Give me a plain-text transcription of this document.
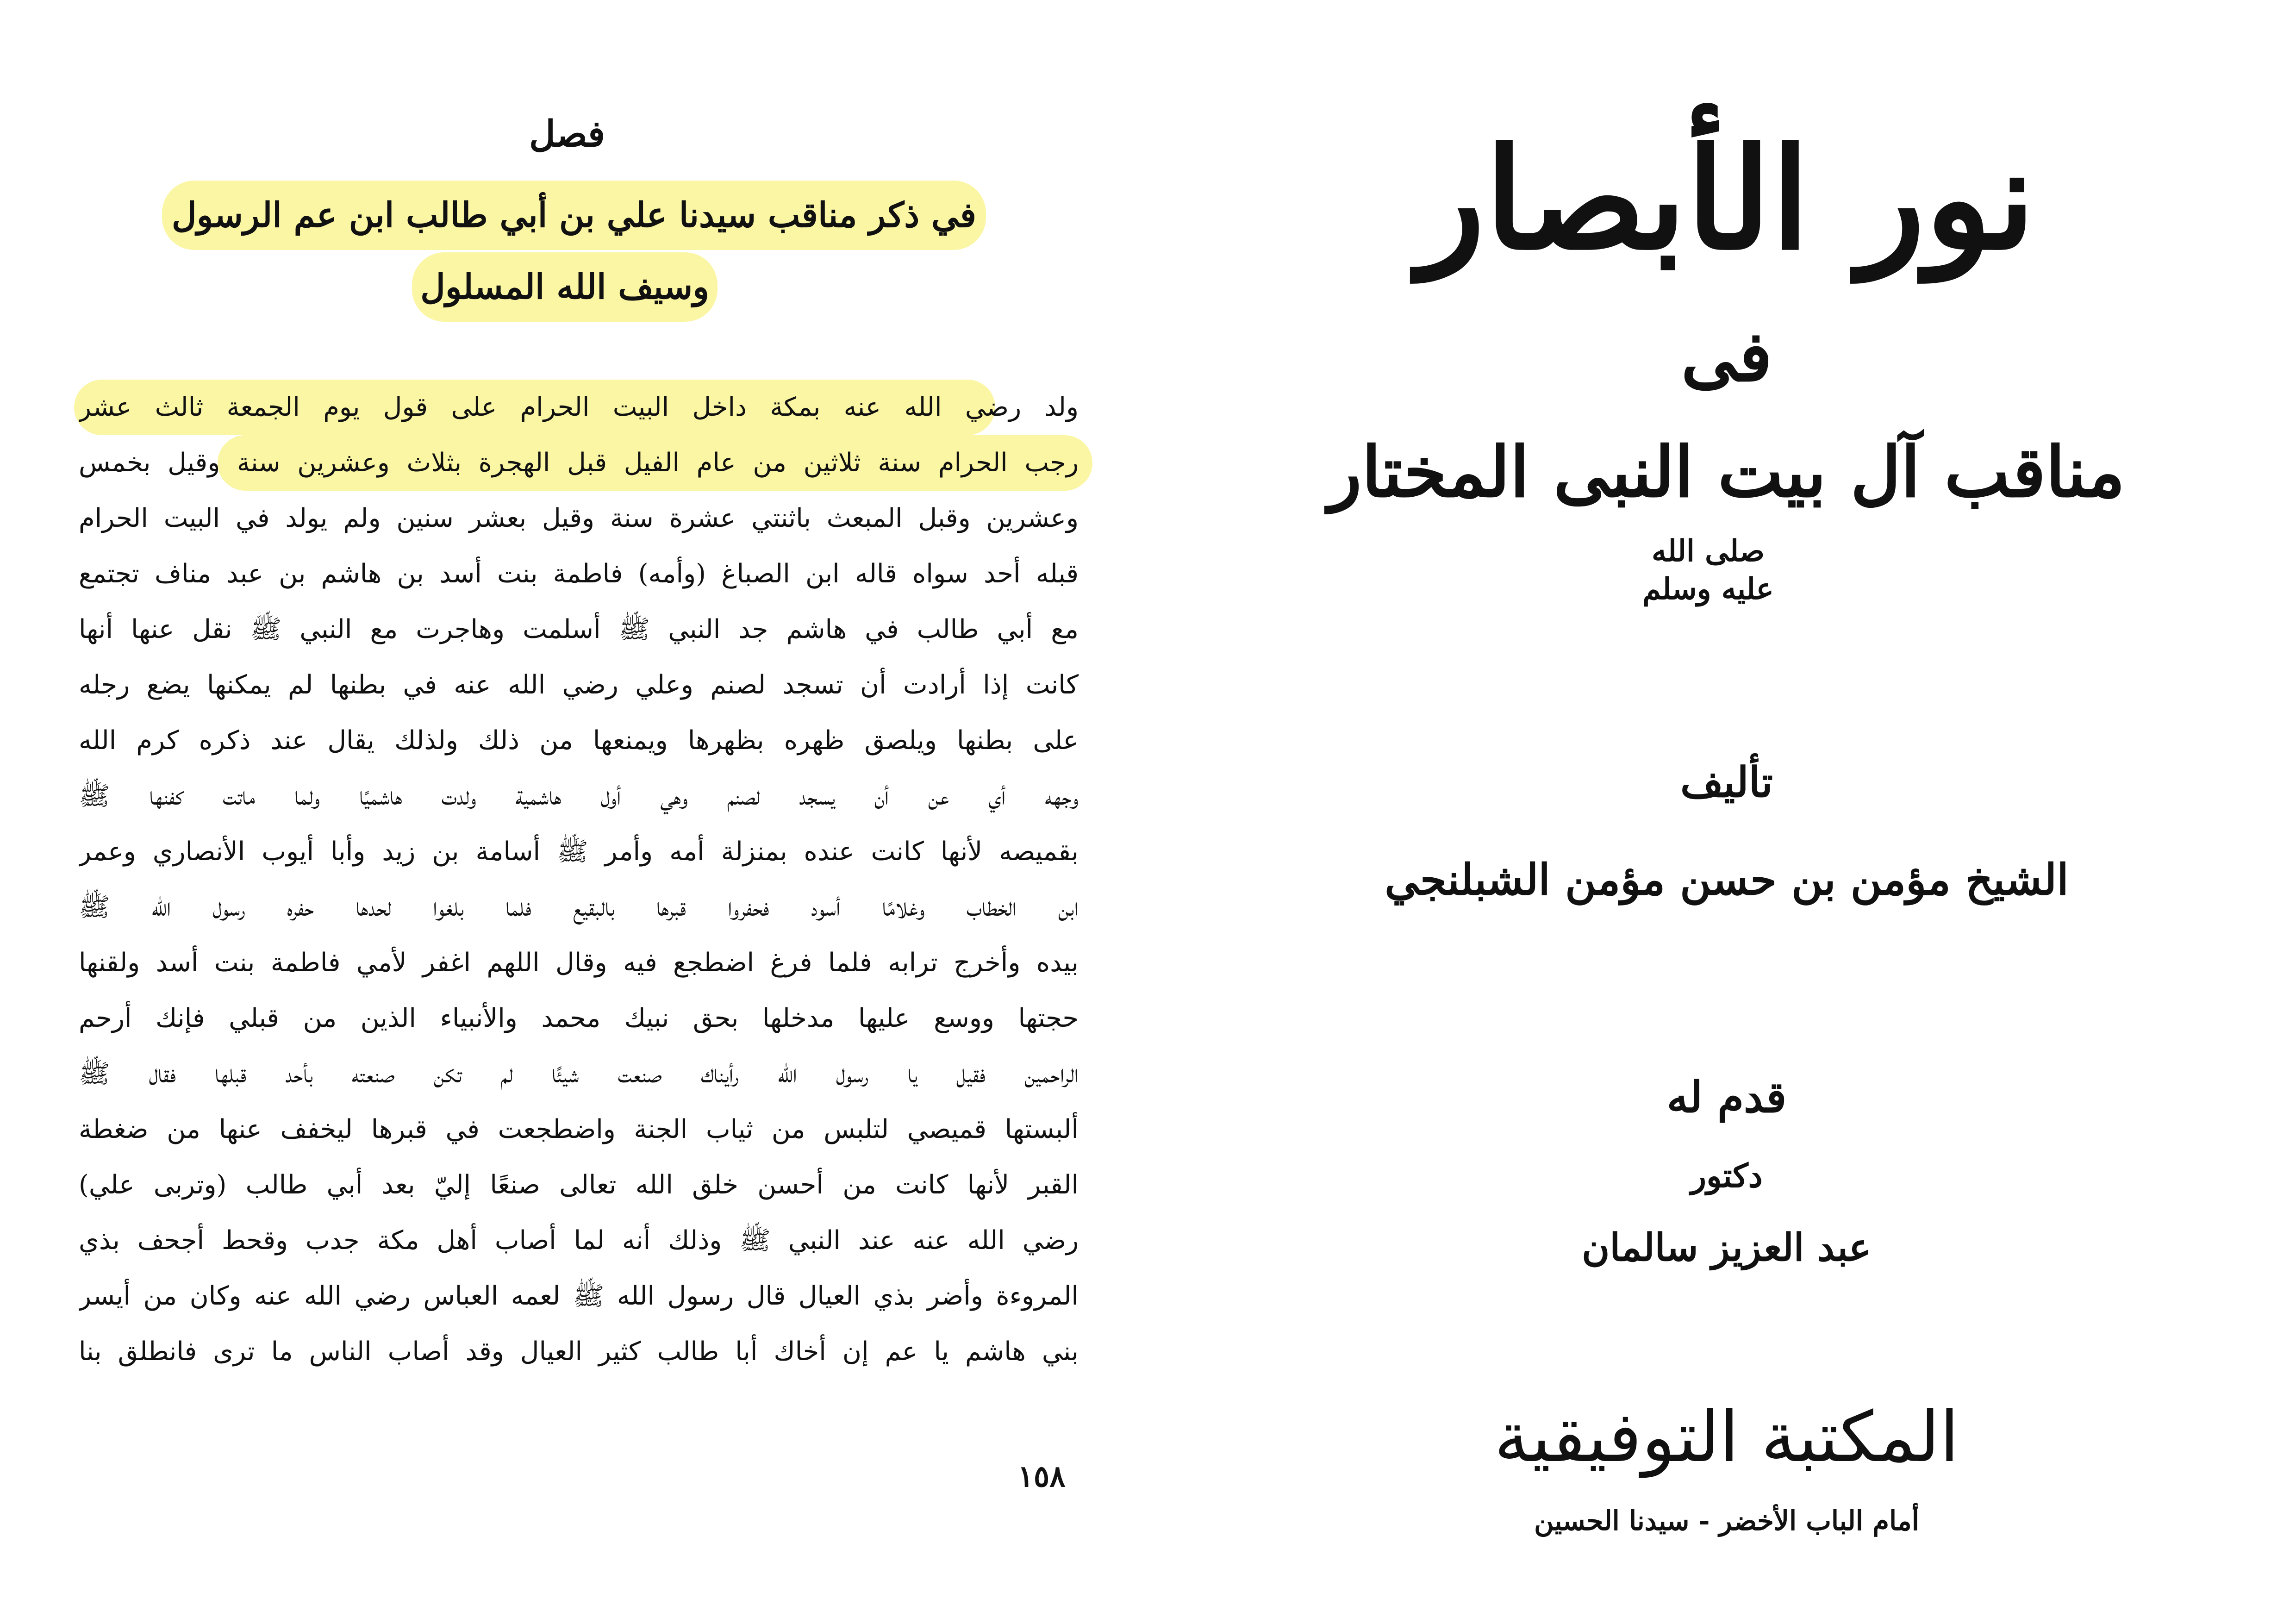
فصل
في ذكر مناقب سيدنا علي بن أبي طالب ابن عم الرسول
وسيف الله المسلول
ولد رضي الله عنه بمكة داخل البيت الحرام على قول يوم الجمعة ثالث عشر
رجب الحرام سنة ثلاثين من عام الفيل قبل الهجرة بثلاث وعشرين سنة وقيل بخمس
وعشرين وقبل المبعث باثنتي عشرة سنة وقيل بعشر سنين ولم يولد في البيت الحرام
قبله أحد سواه قاله ابن الصباغ (وأمه) فاطمة بنت أسد بن هاشم بن عبد مناف تجتمع
مع أبي طالب في هاشم جد النبي ﷺ أسلمت وهاجرت مع النبي ﷺ نقل عنها أنها
كانت إذا أرادت أن تسجد لصنم وعلي رضي الله عنه في بطنها لم يمكنها يضع رجله
على بطنها ويلصق ظهره بظهرها ويمنعها من ذلك ولذلك يقال عند ذكره كرم الله
وجهه أي عن أن يسجد لصنم وهي أول هاشمية ولدت هاشميًا ولما ماتت كفنها ﷺ
بقميصه لأنها كانت عنده بمنزلة أمه وأمر ﷺ أسامة بن زيد وأبا أيوب الأنصاري وعمر
ابن الخطاب وغلامًا أسود فحفروا قبرها بالبقيع فلما بلغوا لحدها حفره رسول الله ﷺ
بيده وأخرج ترابه فلما فرغ اضطجع فيه وقال اللهم اغفر لأمي فاطمة بنت أسد ولقنها
حجتها ووسع عليها مدخلها بحق نبيك محمد والأنبياء الذين من قبلي فإنك أرحم
الراحمين فقيل يا رسول الله رأيناك صنعت شيئًا لم تكن صنعته بأحد قبلها فقال ﷺ
ألبستها قميصي لتلبس من ثياب الجنة واضطجعت في قبرها ليخفف عنها من ضغطة
القبر لأنها كانت من أحسن خلق الله تعالى صنعًا إليّ بعد أبي طالب (وتربى علي)
رضي الله عنه عند النبي ﷺ وذلك أنه لما أصاب أهل مكة جدب وقحط أجحف بذي
المروءة وأضر بذي العيال قال رسول الله ﷺ لعمه العباس رضي الله عنه وكان من أيسر
بني هاشم يا عم إن أخاك أبا طالب كثير العيال وقد أصاب الناس ما ترى فانطلق بنا
١٥٨
نور الأبصار
فى
مناقب آل بيت النبى المختار
صلى الله عليه وسلم
تأليف
الشيخ مؤمن بن حسن مؤمن الشبلنجي
قدم له
دكتور
عبد العزيز سالمان
المكتبة التوفيقية
أمام الباب الأخضر - سيدنا الحسين
